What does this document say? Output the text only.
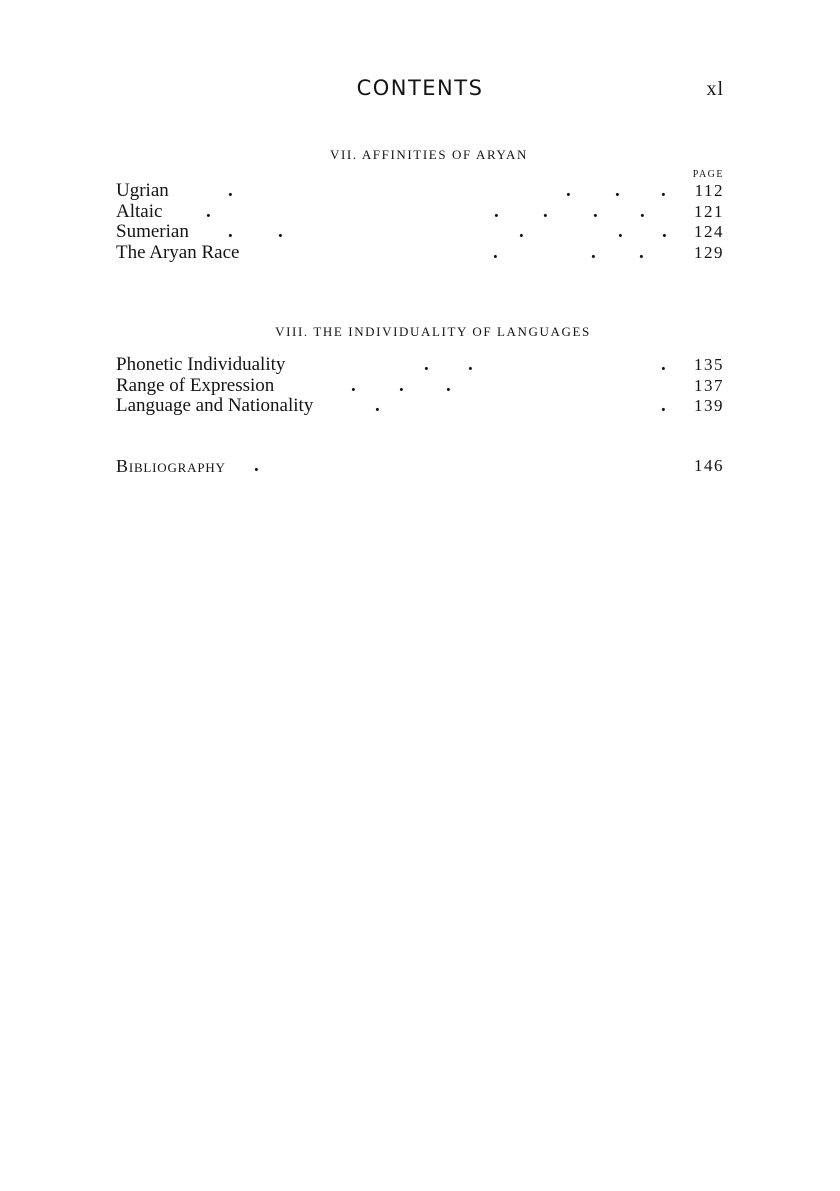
CONTENTS	xl
VII. AFFINITIES OF ARYAN
PAGE
Ugrian	.	. . . 112
Altaic .	. . . .	121
Sumerian . .	.	. . 124
The Aryan Race	.	. .	129
VIII. THE INDIVIDUALITY OF LANGUAGES
Phonetic Individuality	. .	. 135
Range of Expression	. . .	137
Language and Nationality	.	. 139
BIBLIOGRAPHY .	146
